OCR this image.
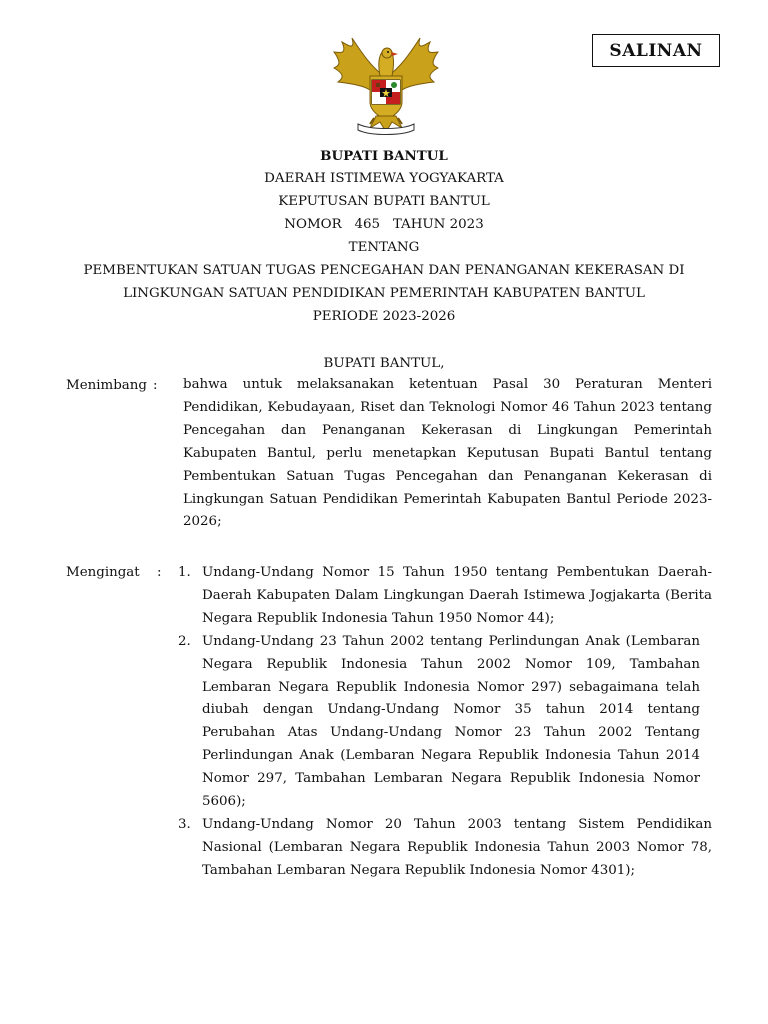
SALINAN
BUPATI BANTUL
DAERAH ISTIMEWA YOGYAKARTA
KEPUTUSAN BUPATI BANTUL
NOMOR   465   TAHUN 2023
TENTANG
PEMBENTUKAN SATUAN TUGAS PENCEGAHAN DAN PENANGANAN KEKERASAN DI
LINGKUNGAN SATUAN PENDIDIKAN PEMERINTAH KABUPATEN BANTUL
PERIODE 2023-2026
BUPATI BANTUL,
Menimbang : bahwa untuk melaksanakan ketentuan Pasal 30 Peraturan Menteri Pendidikan, Kebudayaan, Riset dan Teknologi Nomor 46 Tahun 2023 tentang Pencegahan dan Penanganan Kekerasan di Lingkungan Pemerintah Kabupaten Bantul, perlu menetapkan Keputusan Bupati Bantul tentang Pembentukan Satuan Tugas Pencegahan dan Penanganan Kekerasan di Lingkungan Satuan Pendidikan Pemerintah Kabupaten Bantul Periode 2023-2026;

Mengingat : 1. Undang-Undang Nomor 15 Tahun 1950 tentang Pembentukan Daerah-Daerah Kabupaten Dalam Lingkungan Daerah Istimewa Jogjakarta (Berita Negara Republik Indonesia Tahun 1950 Nomor 44);

2. Undang-Undang 23 Tahun 2002 tentang Perlindungan Anak (Lembaran Negara Republik Indonesia Tahun 2002 Nomor 109, Tambahan Lembaran Negara Republik Indonesia Nomor 297) sebagaimana telah diubah dengan Undang-Undang Nomor 35 tahun 2014 tentang Perubahan Atas Undang-Undang Nomor 23 Tahun 2002 Tentang Perlindungan Anak (Lembaran Negara Republik Indonesia Tahun 2014 Nomor 297, Tambahan Lembaran Negara Republik Indonesia Nomor 5606);

3. Undang-Undang Nomor 20 Tahun 2003 tentang Sistem Pendidikan Nasional (Lembaran Negara Republik Indonesia Tahun 2003 Nomor 78, Tambahan Lembaran Negara Republik Indonesia Nomor 4301);
